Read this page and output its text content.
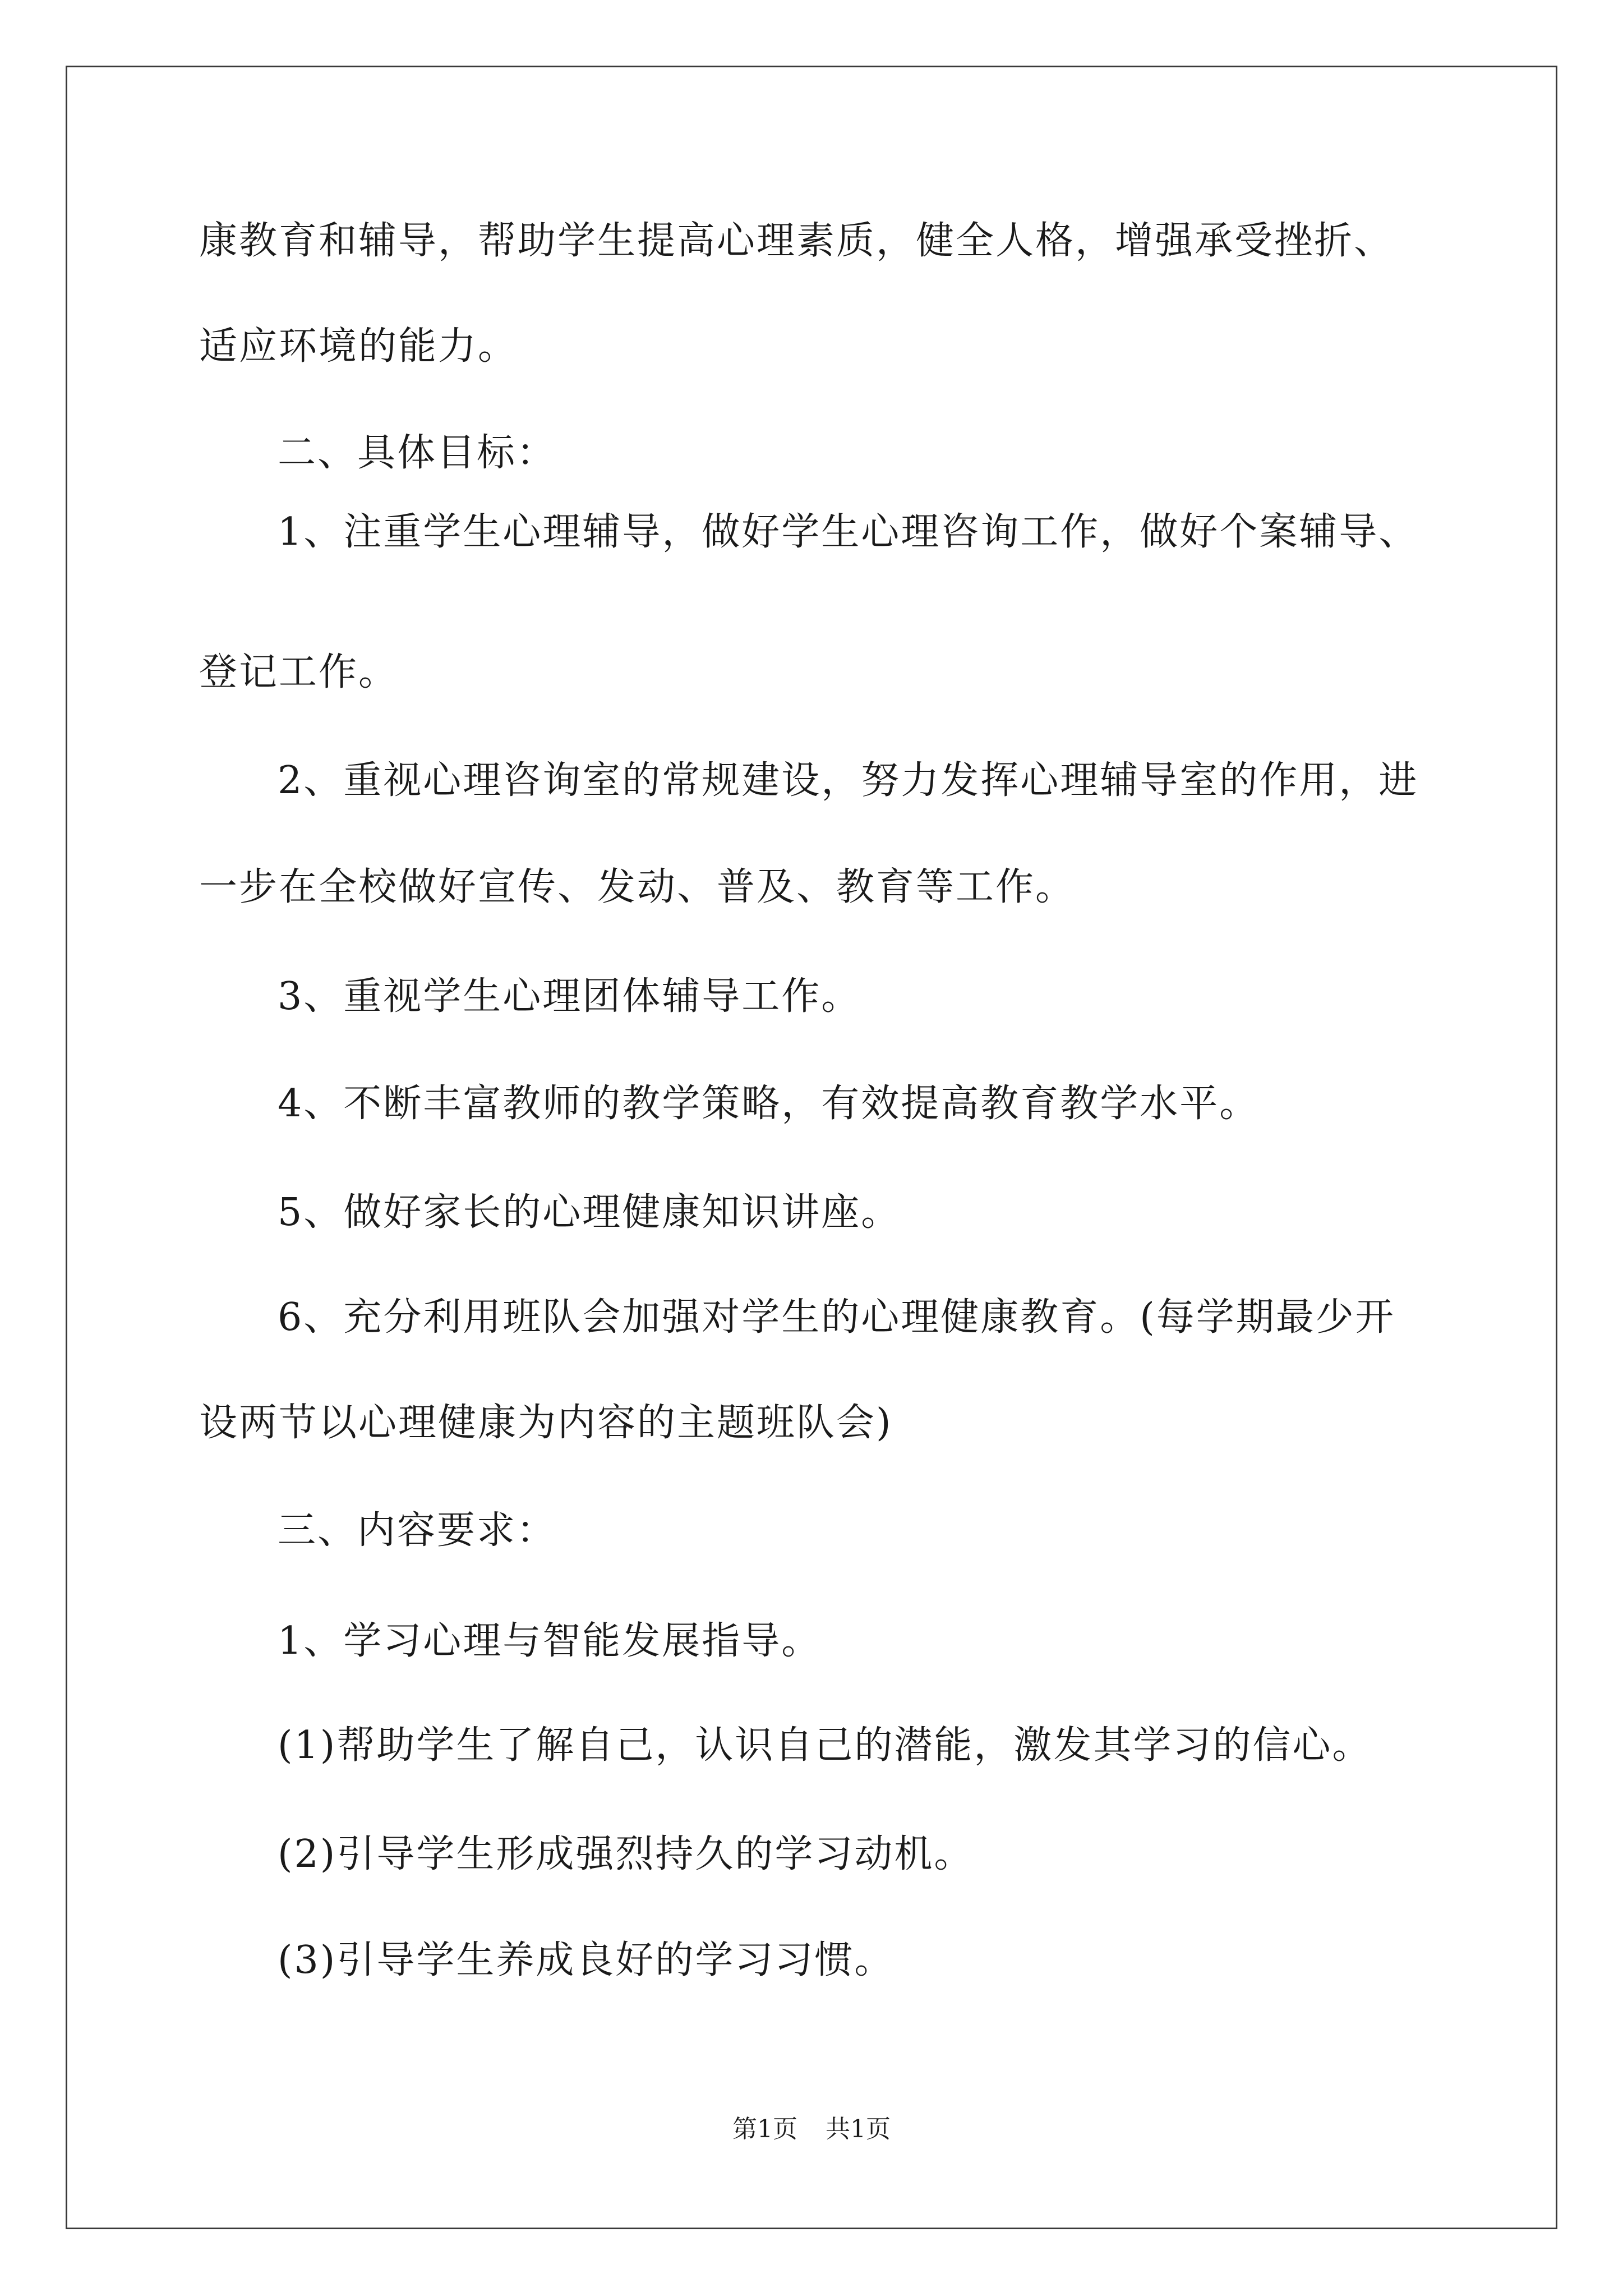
康教育和辅导，帮助学生提高心理素质，健全人格，增强承受挫折、
适应环境的能力。
二、具体目标：
1、注重学生心理辅导，做好学生心理咨询工作，做好个案辅导、
登记工作。
2、重视心理咨询室的常规建设，努力发挥心理辅导室的作用，进
一步在全校做好宣传、发动、普及、教育等工作。
3、重视学生心理团体辅导工作。
4、不断丰富教师的教学策略，有效提高教育教学水平。
5、做好家长的心理健康知识讲座。
6、充分利用班队会加强对学生的心理健康教育。(每学期最少开
设两节以心理健康为内容的主题班队会)
三、内容要求：
1、学习心理与智能发展指导。
(1)帮助学生了解自己，认识自己的潜能，激发其学习的信心。
(2)引导学生形成强烈持久的学习动机。
(3)引导学生养成良好的学习习惯。
第1页 共1页
